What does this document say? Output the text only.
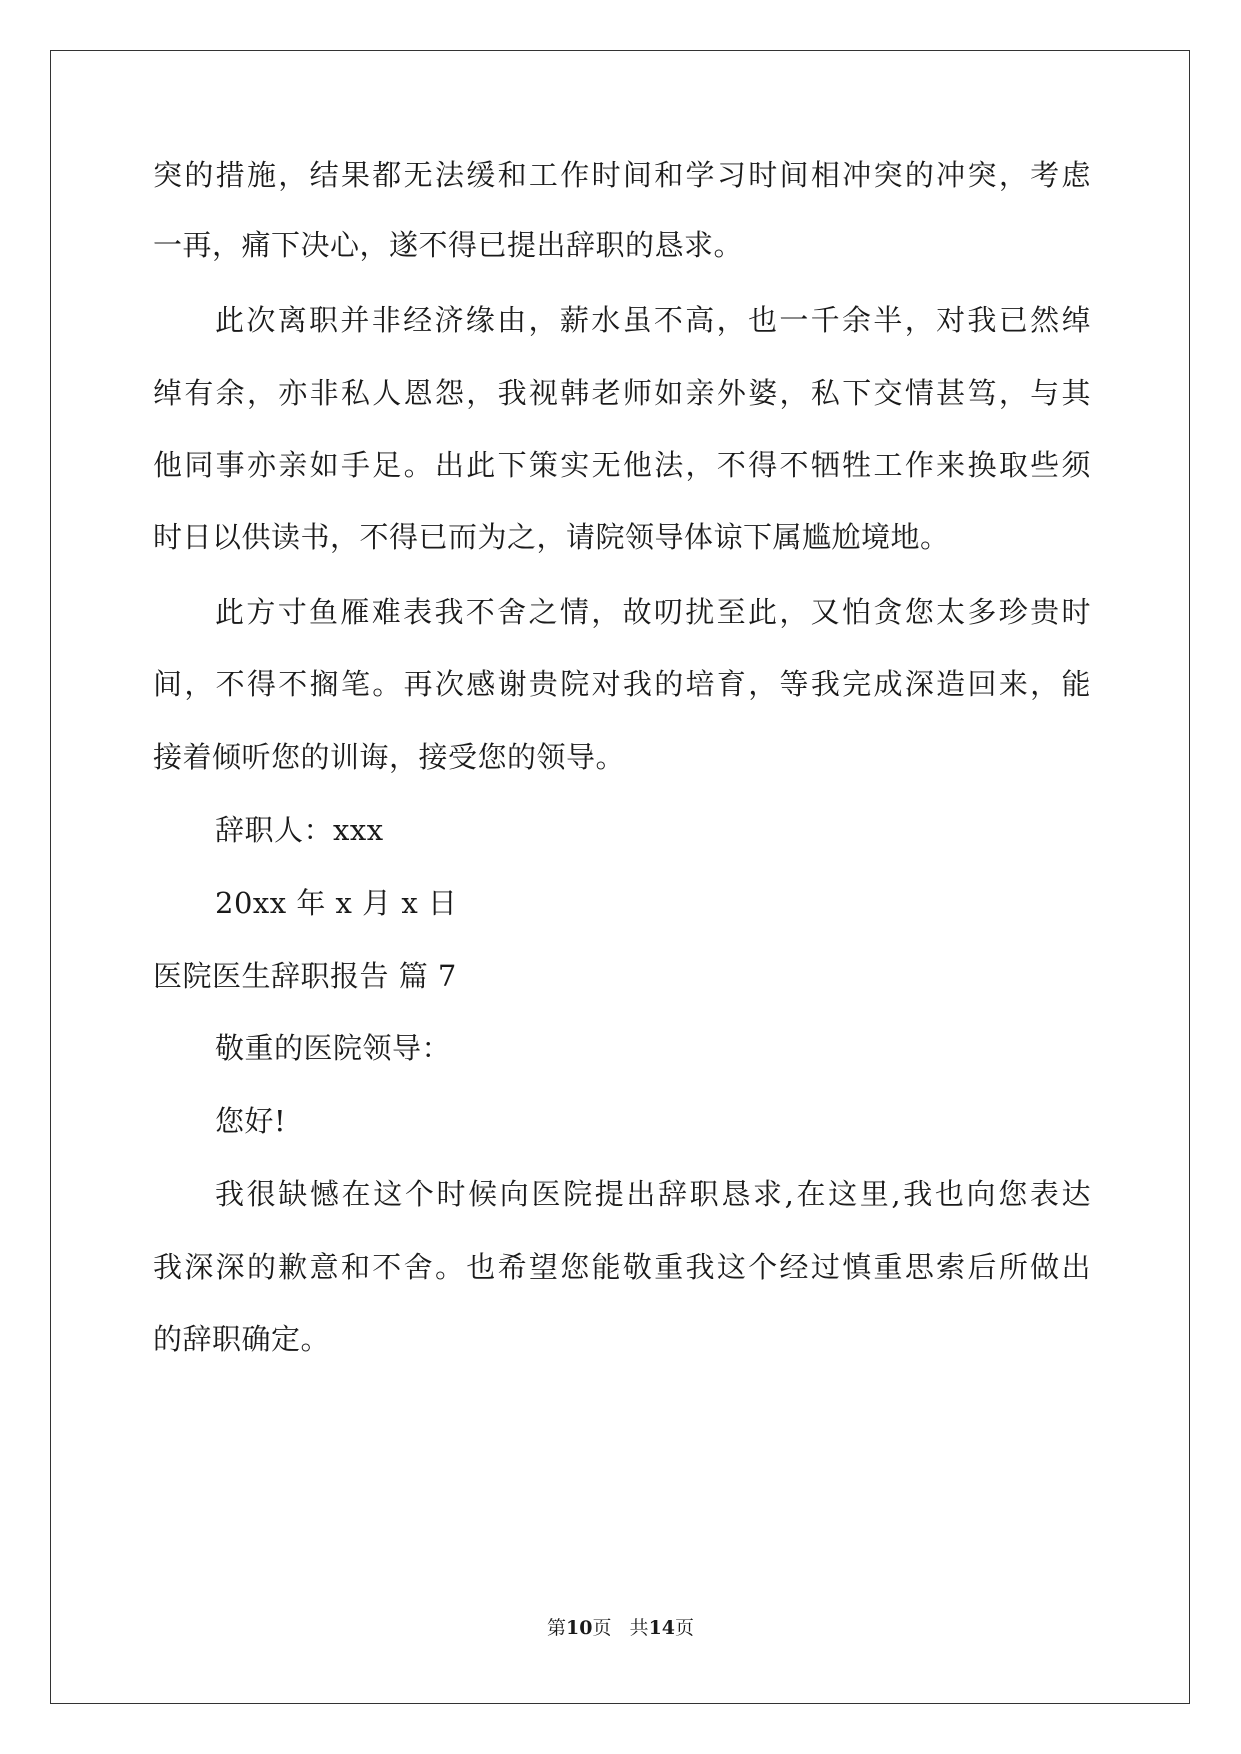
突的措施，结果都无法缓和工作时间和学习时间相冲突的冲突，考虑
一再，痛下决心，遂不得已提出辞职的恳求。
此次离职并非经济缘由，薪水虽不高，也一千余半，对我已然绰
绰有余，亦非私人恩怨，我视韩老师如亲外婆，私下交情甚笃，与其
他同事亦亲如手足。出此下策实无他法，不得不牺牲工作来换取些须
时日以供读书，不得已而为之，请院领导体谅下属尴尬境地。
此方寸鱼雁难表我不舍之情，故叨扰至此，又怕贪您太多珍贵时
间，不得不搁笔。再次感谢贵院对我的培育，等我完成深造回来，能
接着倾听您的训诲，接受您的领导。
辞职人：xxx
20xx 年 x 月 x 日
医院医生辞职报告 篇 7
敬重的医院领导：
您好!
我很缺憾在这个时候向医院提出辞职恳求,在这里,我也向您表达
我深深的歉意和不舍。也希望您能敬重我这个经过慎重思索后所做出
的辞职确定。
第10页   共14页
